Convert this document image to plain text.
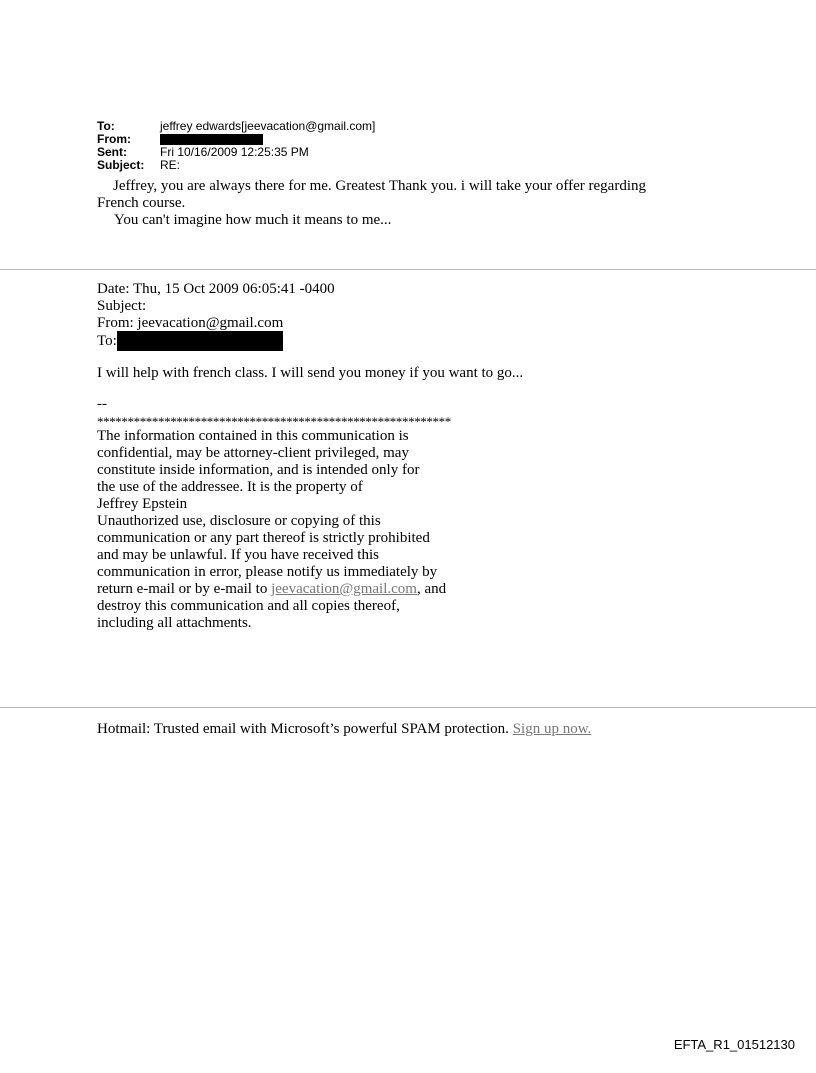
To:	jeffrey edwards[jeevacation@gmail.com]
From:
Sent:	Fri 10/16/2009 12:25:35 PM
Subject: RE:
Jeffrey, you are always there for me. Greatest Thank you. i will take your offer regarding
French course.
You can't imagine how much it means to me...
Date: Thu, 15 Oct 2009 06:05:41 -0400
Subject:
From: jeevacation@gmail.com
To:
I will help with french class. I will send you money if you want to go...
--
**********************************************************
The information contained in this communication is
confidential, may be attorney-client privileged, may
constitute inside information, and is intended only for
the use of the addressee. It is the property of
Jeffrey Epstein
Unauthorized use, disclosure or copying of this
communication or any part thereof is strictly prohibited
and may be unlawful. If you have received this
communication in error, please notify us immediately by
return e-mail or by e-mail to jeevacation@gmail.com, and
destroy this communication and all copies thereof,
including all attachments.
Hotmail: Trusted email with Microsoft’s powerful SPAM protection. Sign up now.
EFTA_R1_01512130
